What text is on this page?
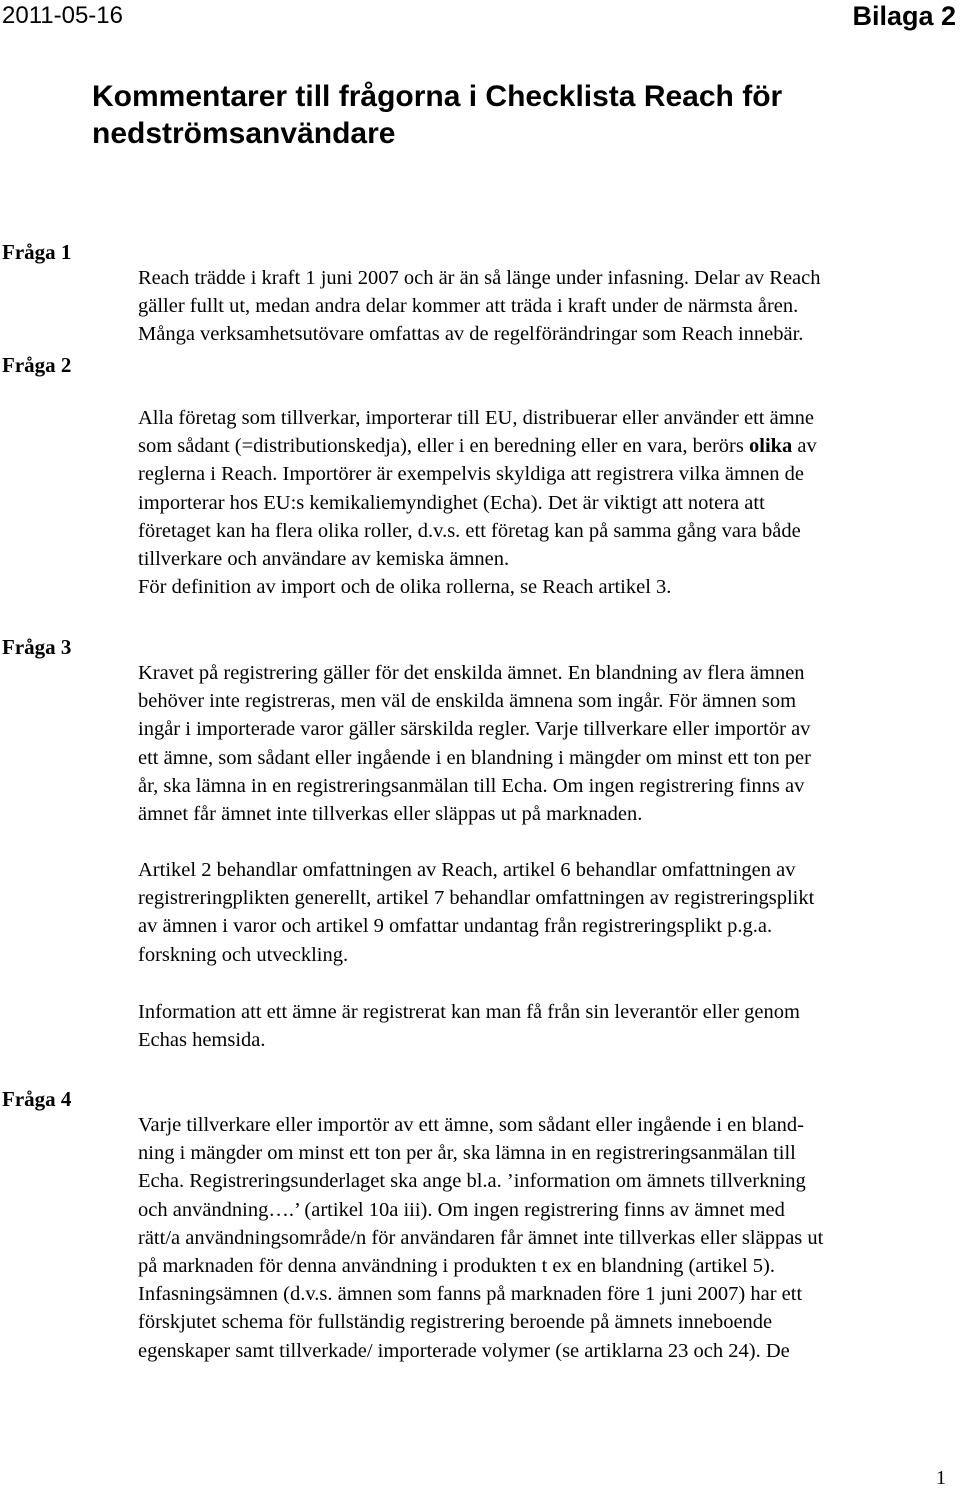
2011-05-16	Bilaga 2
Kommentarer till frågorna i Checklista Reach för
nedströmsanvändare
Fråga 1
Fråga 2
Fråga 3
Fråga 4
Reach trädde i kraft 1 juni 2007 och är än så länge under infasning. Delar av Reach
gäller fullt ut, medan andra delar kommer att träda i kraft under de närmsta åren.
Många verksamhetsutövare omfattas av de regelförändringar som Reach innebär.
Alla företag som tillverkar, importerar till EU, distribuerar eller använder ett ämne
som sådant (=distributionskedja), eller i en beredning eller en vara, berörs olika av
reglerna i Reach. Importörer är exempelvis skyldiga att registrera vilka ämnen de
importerar hos EU:s kemikaliemyndighet (Echa). Det är viktigt att notera att
företaget kan ha flera olika roller, d.v.s. ett företag kan på samma gång vara både
tillverkare och användare av kemiska ämnen.
För definition av import och de olika rollerna, se Reach artikel 3.
Kravet på registrering gäller för det enskilda ämnet. En blandning av flera ämnen
behöver inte registreras, men väl de enskilda ämnena som ingår. För ämnen som
ingår i importerade varor gäller särskilda regler. Varje tillverkare eller importör av
ett ämne, som sådant eller ingående i en blandning i mängder om minst ett ton per
år, ska lämna in en registreringsanmälan till Echa. Om ingen registrering finns av
ämnet får ämnet inte tillverkas eller släppas ut på marknaden.
Artikel 2 behandlar omfattningen av Reach, artikel 6 behandlar omfattningen av
registreringplikten generellt, artikel 7 behandlar omfattningen av registreringsplikt
av ämnen i varor och artikel 9 omfattar undantag från registreringsplikt p.g.a.
forskning och utveckling.
Information att ett ämne är registrerat kan man få från sin leverantör eller genom
Echas hemsida.
Varje tillverkare eller importör av ett ämne, som sådant eller ingående i en bland-
ning i mängder om minst ett ton per år, ska lämna in en registreringsanmälan till
Echa. Registreringsunderlaget ska ange bl.a. ’information om ämnets tillverkning
och användning….’ (artikel 10a iii). Om ingen registrering finns av ämnet med
rätt/a användningsområde/n för användaren får ämnet inte tillverkas eller släppas ut
på marknaden för denna användning i produkten t ex en blandning (artikel 5).
Infasningsämnen (d.v.s. ämnen som fanns på marknaden före 1 juni 2007) har ett
förskjutet schema för fullständig registrering beroende på ämnets inneboende
egenskaper samt tillverkade/ importerade volymer (se artiklarna 23 och 24). De
1
